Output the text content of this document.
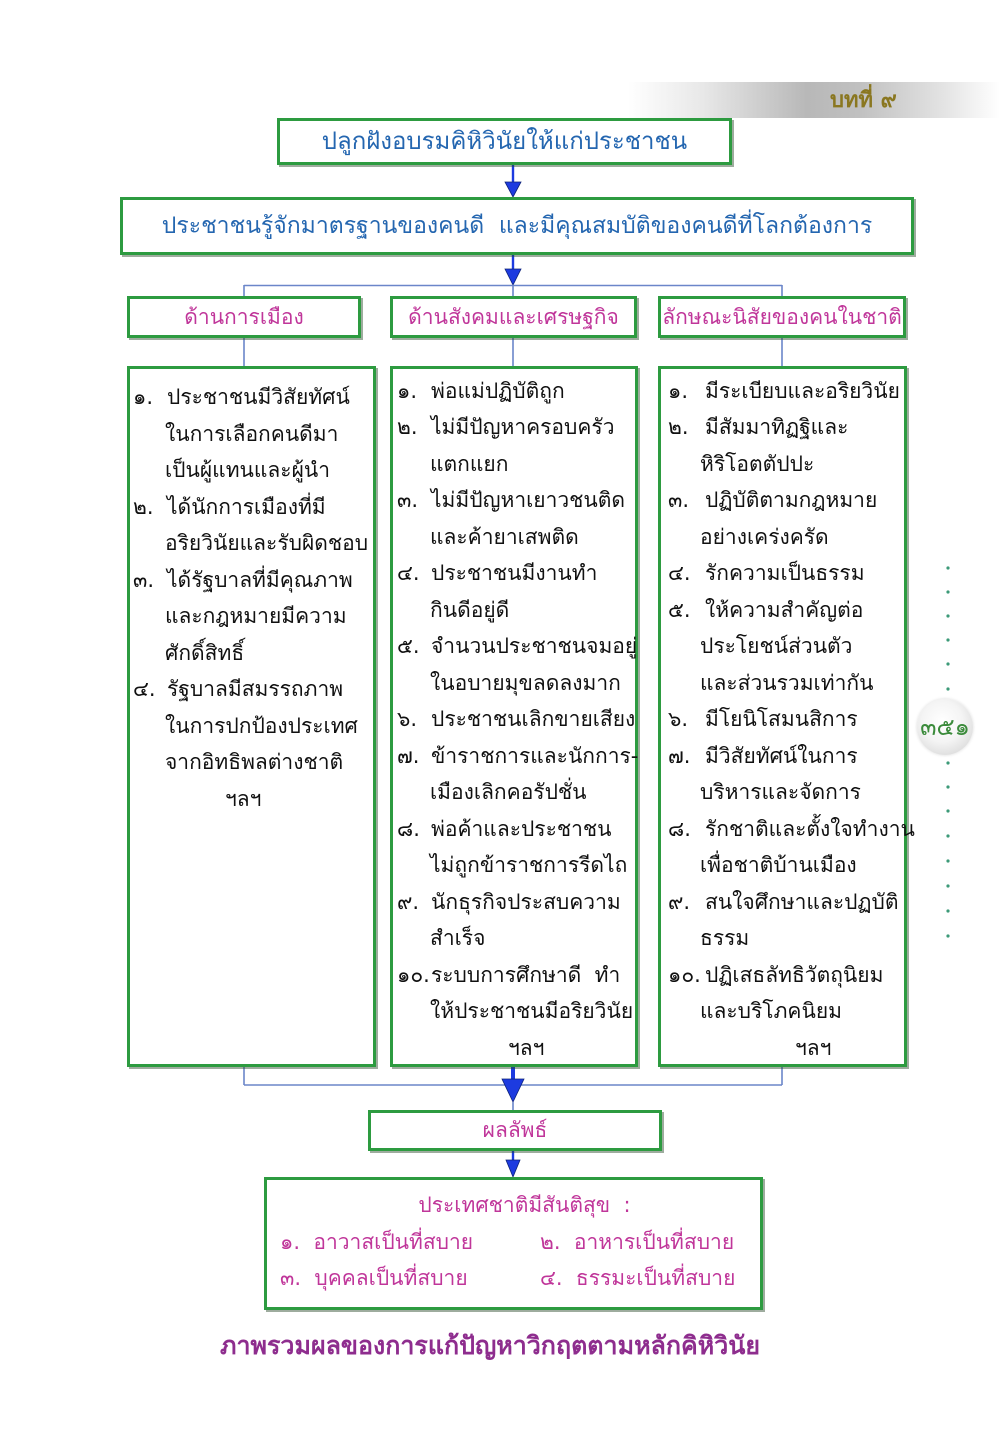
บทที่ ๙
ปลูกฝังอบรมคิหิวินัยให้แก่ประชาชน
ประชาชนรู้จักมาตรฐานของคนดี  และมีคุณสมบัติของคนดีที่โลกต้องการ
ด้านการเมือง	ด้านสังคมและเศรษฐกิจ	ลักษณะนิสัยของคนในชาติ
๑. ประชาชนมีวิสัยทัศน์
ในการเลือกคนดีมา
เป็นผู้แทนและผู้นำ
๒. ได้นักการเมืองที่มี
อริยวินัยและรับผิดชอบ
๓. ได้รัฐบาลที่มีคุณภาพ
และกฎหมายมีความ
ศักดิ์สิทธิ์
๔. รัฐบาลมีสมรรถภาพ
ในการปกป้องประเทศ
จากอิทธิพลต่างชาติ
ฯลฯ
๑. พ่อแม่ปฏิบัติถูก
๒. ไม่มีปัญหาครอบครัว
แตกแยก
๓. ไม่มีปัญหาเยาวชนติด
และค้ายาเสพติด
๔. ประชาชนมีงานทำ
กินดีอยู่ดี
๕. จำนวนประชาชนจมอยู่
ในอบายมุขลดลงมาก
๖. ประชาชนเลิกขายเสียง
๗. ข้าราชการและนักการ-
เมืองเลิกคอรัปชั่น
๘. พ่อค้าและประชาชน
ไม่ถูกข้าราชการรีดไถ
๙. นักธุรกิจประสบความ
สำเร็จ
๑๐.ระบบการศึกษาดี  ทำ
ให้ประชาชนมีอริยวินัย
ฯลฯ
๑. มีระเบียบและอริยวินัย
๒. มีสัมมาทิฏฐิและ
หิริโอตตัปปะ
๓. ปฏิบัติตามกฎหมาย
อย่างเคร่งครัด
๔. รักความเป็นธรรม
๕. ให้ความสำคัญต่อ
ประโยชน์ส่วนตัว
และส่วนรวมเท่ากัน
๖. มีโยนิโสมนสิการ
๗. มีวิสัยทัศน์ในการ
บริหารและจัดการ
๘. รักชาติและตั้งใจทำงาน
เพื่อชาติบ้านเมือง
๙. สนใจศึกษาและปฏบัติ
ธรรม
๑๐. ปฏิเสธลัทธิวัตถุนิยม
และบริโภคนิยม
ฯลฯ
ผลลัพธ์
ประเทศชาติมีสันติสุข  :
๑.  อาวาสเป็นที่สบาย	๒.  อาหารเป็นที่สบาย
๓.  บุคคลเป็นที่สบาย	๔.  ธรรมะเป็นที่สบาย
ภาพรวมผลของการแก้ปัญหาวิกฤตตามหลักคิหิวินัย
๓๕๑
